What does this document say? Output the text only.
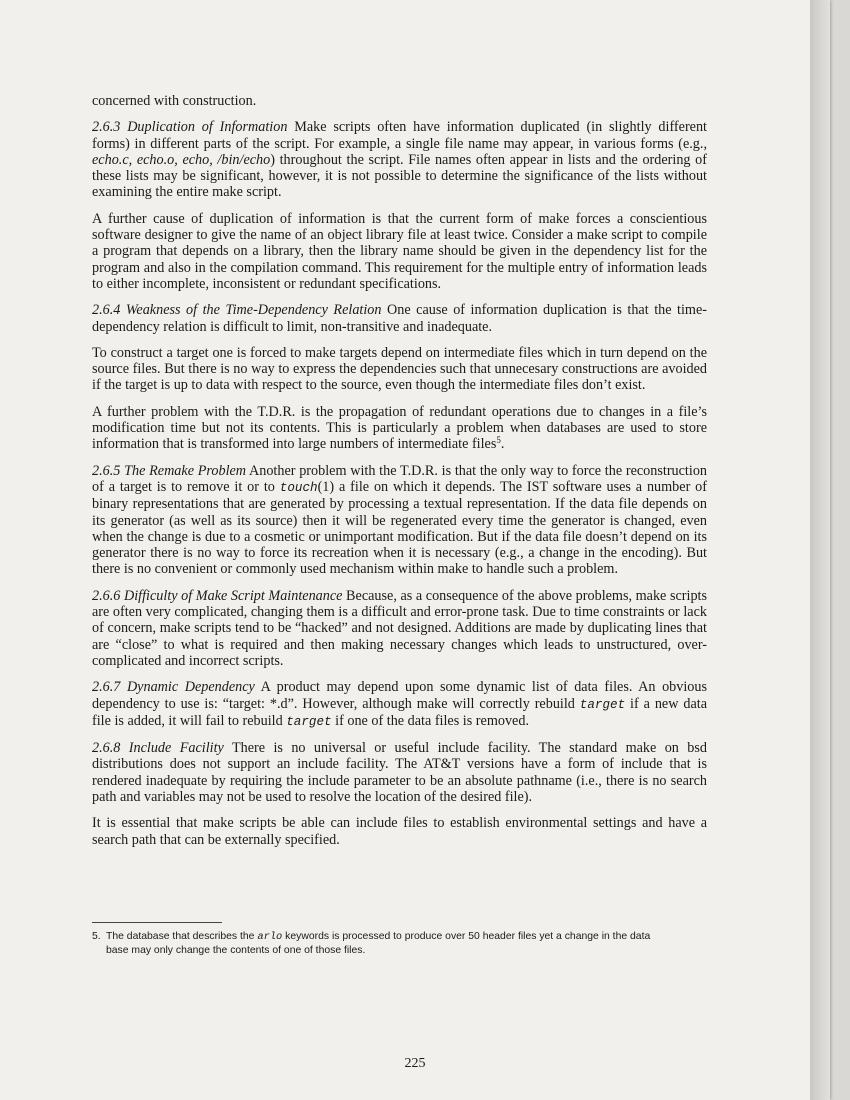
concerned with construction.

2.6.3 Duplication of Information Make scripts often have information duplicated (in slightly different forms) in different parts of the script. For example, a single file name may appear, in various forms (e.g., echo.c, echo.o, echo, /bin/echo) throughout the script. File names often appear in lists and the ordering of these lists may be significant, however, it is not possible to determine the significance of the lists without examining the entire make script.

A further cause of duplication of information is that the current form of make forces a conscientious software designer to give the name of an object library file at least twice. Consider a make script to compile a program that depends on a library, then the library name should be given in the dependency list for the program and also in the compilation command. This requirement for the multiple entry of information leads to either incomplete, inconsistent or redundant specifications.

2.6.4 Weakness of the Time-Dependency Relation One cause of information duplication is that the time-dependency relation is difficult to limit, non-transitive and inadequate.

To construct a target one is forced to make targets depend on intermediate files which in turn depend on the source files. But there is no way to express the dependencies such that unnecesary constructions are avoided if the target is up to data with respect to the source, even though the intermediate files don’t exist.

A further problem with the T.D.R. is the propagation of redundant operations due to changes in a file’s modification time but not its contents. This is particularly a problem when databases are used to store information that is transformed into large numbers of intermediate files$^5$.

2.6.5 The Remake Problem Another problem with the T.D.R. is that the only way to force the reconstruction of a target is to remove it or to touch(1) a file on which it depends. The IST software uses a number of binary representations that are generated by processing a textual representation. If the data file depends on its generator (as well as its source) then it will be regenerated every time the generator is changed, even when the change is due to a cosmetic or unimportant modification. But if the data file doesn’t depend on its generator there is no way to force its recreation when it is necessary (e.g., a change in the encoding). But there is no convenient or commonly used mechanism within make to handle such a problem.

2.6.6 Difficulty of Make Script Maintenance Because, as a consequence of the above problems, make scripts are often very complicated, changing them is a difficult and error-prone task. Due to time constraints or lack of concern, make scripts tend to be “hacked” and not designed. Additions are made by duplicating lines that are “close” to what is required and then making necessary changes which leads to unstructured, over-complicated and incorrect scripts.

2.6.7 Dynamic Dependency A product may depend upon some dynamic list of data files. An obvious dependency to use is: “target: *.d”. However, although make will correctly rebuild target if a new data file is added, it will fail to rebuild target if one of the data files is removed.

2.6.8 Include Facility There is no universal or useful include facility. The standard make on bsd distributions does not support an include facility. The AT&T versions have a form of include that is rendered inadequate by requiring the include parameter to be an absolute pathname (i.e., there is no search path and variables may not be used to resolve the location of the desired file).

It is essential that make scripts be able can include files to establish environmental settings and have a search path that can be externally specified.

5. The database that describes the arlo keywords is processed to produce over 50 header files yet a change in the data
base may only change the contents of one of those files.
225
